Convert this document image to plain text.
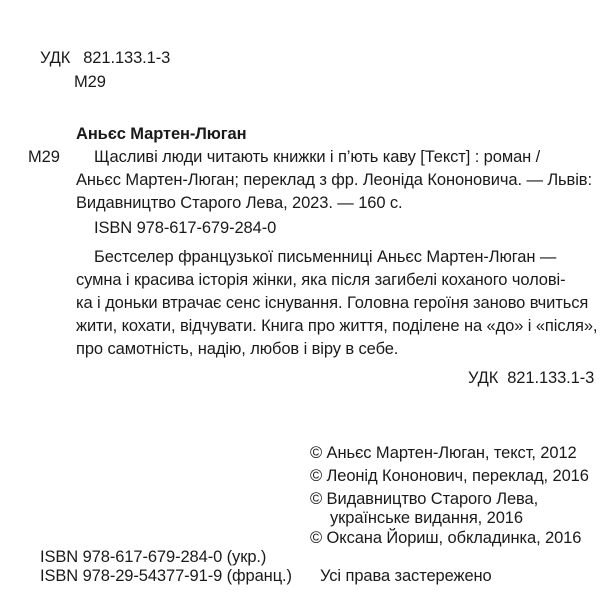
УДК 821.133.1-3
М29
Аньєс Мартен-Люган
М29 Щасливі люди читають книжки і п’ють каву [Текст] : роман /
Аньєс Мартен-Люган; переклад з фр. Леоніда Кононовича. — Львів:
Видавництво Старого Лева, 2023. — 160 с.
ISBN 978-617-679-284-0
Бестселер французької письменниці Аньєс Мартен-Люган —
сумна і красива історія жінки, яка після загибелі коханого чолові-
ка і доньки втрачає сенс існування. Головна героїня заново вчиться
жити, кохати, відчувати. Книга про життя, поділене на «до» і «після»,
про самотність, надію, любов і віру в себе.
УДК 821.133.1-3
© Аньєс Мартен-Люган, текст, 2012
© Леонід Кононович, переклад, 2016
© Видавництво Старого Лева,
українське видання, 2016
© Оксана Йориш, обкладинка, 2016
ISBN 978-617-679-284-0 (укр.)
ISBN 978-29-54377-91-9 (франц.) Усі права застережено
